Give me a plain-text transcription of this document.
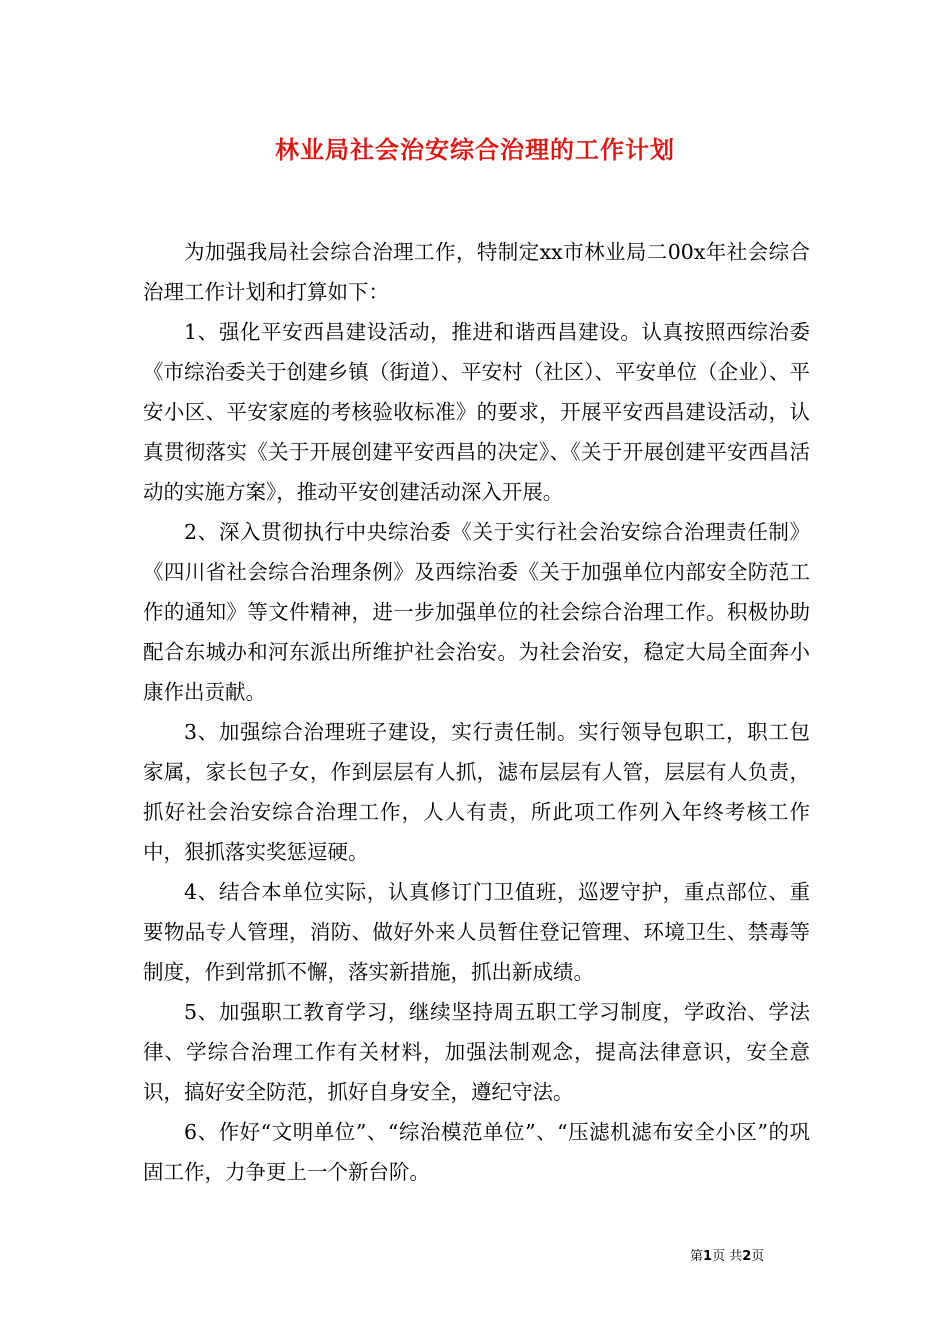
林业局社会治安综合治理的工作计划

为加强我局社会综合治理工作，特制定xx市林业局二00x年社会综合治理工作计划和打算如下：

1、强化平安西昌建设活动，推进和谐西昌建设。认真按照西综治委《市综治委关于创建乡镇（街道）、平安村（社区）、平安单位（企业）、平安小区、平安家庭的考核验收标准》的要求，开展平安西昌建设活动，认真贯彻落实《关于开展创建平安西昌的决定》、《关于开展创建平安西昌活动的实施方案》，推动平安创建活动深入开展。

2、深入贯彻执行中央综治委《关于实行社会治安综合治理责任制》《四川省社会综合治理条例》及西综治委《关于加强单位内部安全防范工作的通知》等文件精神，进一步加强单位的社会综合治理工作。积极协助配合东城办和河东派出所维护社会治安。为社会治安，稳定大局全面奔小康作出贡献。

3、加强综合治理班子建设，实行责任制。实行领导包职工，职工包家属，家长包子女，作到层层有人抓，滤布层层有人管，层层有人负责，抓好社会治安综合治理工作，人人有责，所此项工作列入年终考核工作中，狠抓落实奖惩逗硬。

4、结合本单位实际，认真修订门卫值班，巡逻守护，重点部位、重要物品专人管理，消防、做好外来人员暂住登记管理、环境卫生、禁毒等制度，作到常抓不懈，落实新措施，抓出新成绩。

5、加强职工教育学习，继续坚持周五职工学习制度，学政治、学法律、学综合治理工作有关材料，加强法制观念，提高法律意识，安全意识，搞好安全防范，抓好自身安全，遵纪守法。

6、作好“文明单位”、“综治模范单位”、“压滤机滤布安全小区”的巩固工作，力争更上一个新台阶。

第1页 共2页
